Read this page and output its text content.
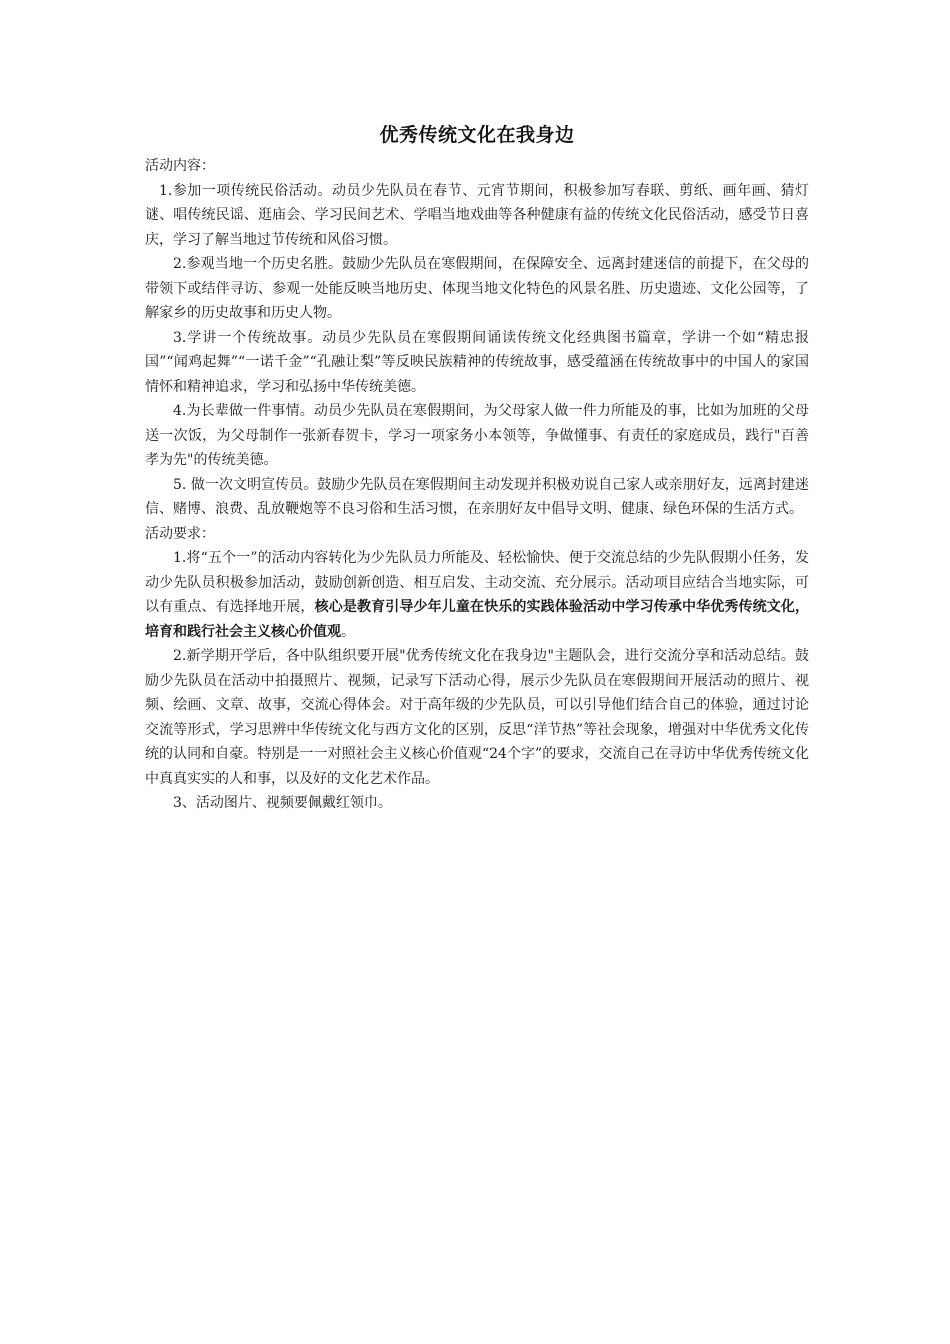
优秀传统文化在我身边

活动内容：

1.参加一项传统民俗活动。动员少先队员在春节、元宵节期间，积极参加写春联、剪纸、画年画、猜灯谜、唱传统民谣、逛庙会、学习民间艺术、学唱当地戏曲等各种健康有益的传统文化民俗活动，感受节日喜庆，学习了解当地过节传统和风俗习惯。

2.参观当地一个历史名胜。鼓励少先队员在寒假期间，在保障安全、远离封建迷信的前提下，在父母的带领下或结伴寻访、参观一处能反映当地历史、体现当地文化特色的风景名胜、历史遗迹、文化公园等，了解家乡的历史故事和历史人物。

3.学讲一个传统故事。动员少先队员在寒假期间诵读传统文化经典图书篇章，学讲一个如“精忠报国”“闻鸡起舞”“一诺千金”“孔融让梨”等反映民族精神的传统故事，感受蕴涵在传统故事中的中国人的家国情怀和精神追求，学习和弘扬中华传统美德。

4.为长辈做一件事情。动员少先队员在寒假期间，为父母家人做一件力所能及的事，比如为加班的父母送一次饭，为父母制作一张新春贺卡，学习一项家务小本领等，争做懂事、有责任的家庭成员，践行"百善孝为先"的传统美德。

5. 做一次文明宣传员。鼓励少先队员在寒假期间主动发现并积极劝说自己家人或亲朋好友，远离封建迷信、赌博、浪费、乱放鞭炮等不良习俗和生活习惯，在亲朋好友中倡导文明、健康、绿色环保的生活方式。

活动要求：

1.将“五个一”的活动内容转化为少先队员力所能及、轻松愉快、便于交流总结的少先队假期小任务，发动少先队员积极参加活动，鼓励创新创造、相互启发、主动交流、充分展示。活动项目应结合当地实际，可以有重点、有选择地开展，核心是教育引导少年儿童在快乐的实践体验活动中学习传承中华优秀传统文化，培育和践行社会主义核心价值观。

2.新学期开学后，各中队组织要开展"优秀传统文化在我身边"主题队会，进行交流分享和活动总结。鼓励少先队员在活动中拍摄照片、视频，记录写下活动心得，展示少先队员在寒假期间开展活动的照片、视频、绘画、文章、故事，交流心得体会。对于高年级的少先队员，可以引导他们结合自己的体验，通过讨论交流等形式，学习思辨中华传统文化与西方文化的区别，反思“洋节热”等社会现象，增强对中华优秀文化传统的认同和自豪。特别是一一对照社会主义核心价值观“24个字”的要求，交流自己在寻访中华优秀传统文化中真真实实的人和事，以及好的文化艺术作品。

3、活动图片、视频要佩戴红领巾。
